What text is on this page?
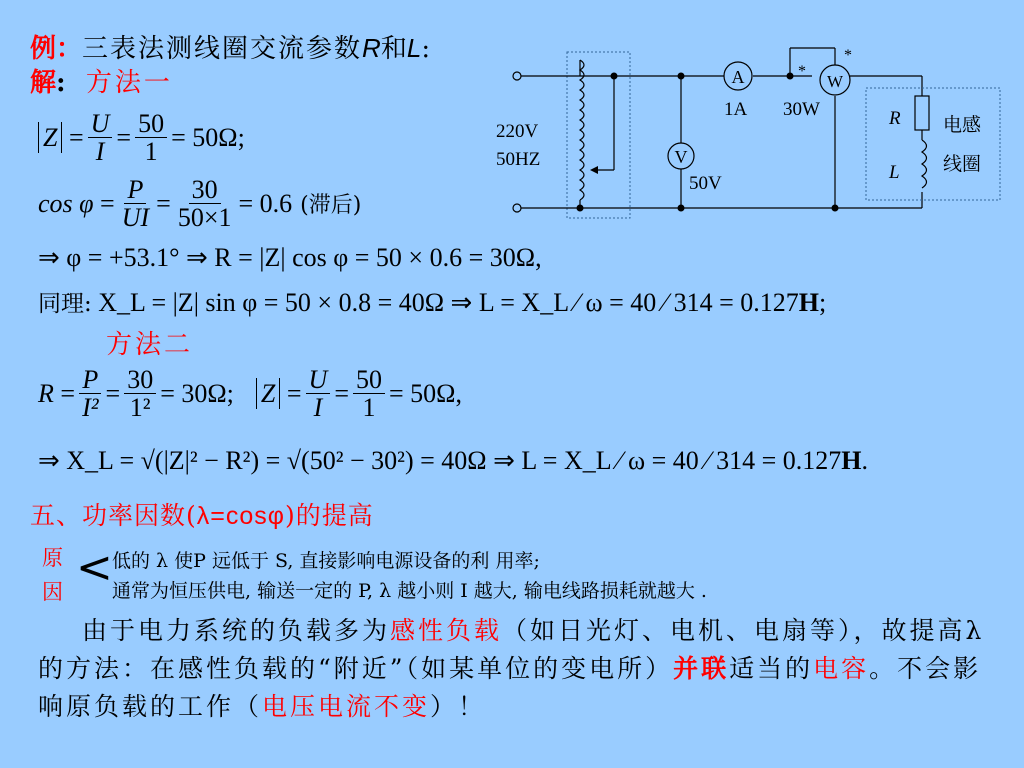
例：三表法测线圈交流参数R和L:
解: 方法一
$Z = \frac{U}{I} = \frac{50}{1} = 50\Omega$;
$\cos \varphi = \frac{P}{UI} = \frac{30}{50\times 1} = 0.6$ (滞后)
⇒ φ = +53.1° ⇒ R = |Z| cos φ = 50 × 0.6 = 30Ω,
同理: X_L = |Z| sin φ = 50 × 0.8 = 40Ω ⇒ L = X_L ⁄ ω = 40 ⁄ 314 = 0.127H;
方法二
$R = \frac{P}{\text{I²}} = \frac{30}{\text{1²}} = 30\Omega$; $Z = \frac{U}{I} = \frac{50}{1} = 50\Omega$,
⇒ X_L = √(|Z|² − R²) = √(50² − 30²) = 40Ω ⇒ L = X_L ⁄ ω = 40 ⁄ 314 = 0.127H.
五、功率因数(λ=cosφ)的提高
原
因 < 低的 λ 使P 远低于 S, 直接影响电源设备的利 用率;
通常为恒压供电, 输送一定的 P, λ 越小则 I 越大, 输电线路损耗就越大 .
由于电力系统的负载多为感性负载（如日光灯、电机、电扇等），故提高λ的方法：在感性负载的“附近”（如某单位的变电所）并联适当的电容。不会影响原负载的工作（电压电流不变）！
V
50V
A
1A
W
30W
*
*
220V
50HZ
R
L
电感
线圈
